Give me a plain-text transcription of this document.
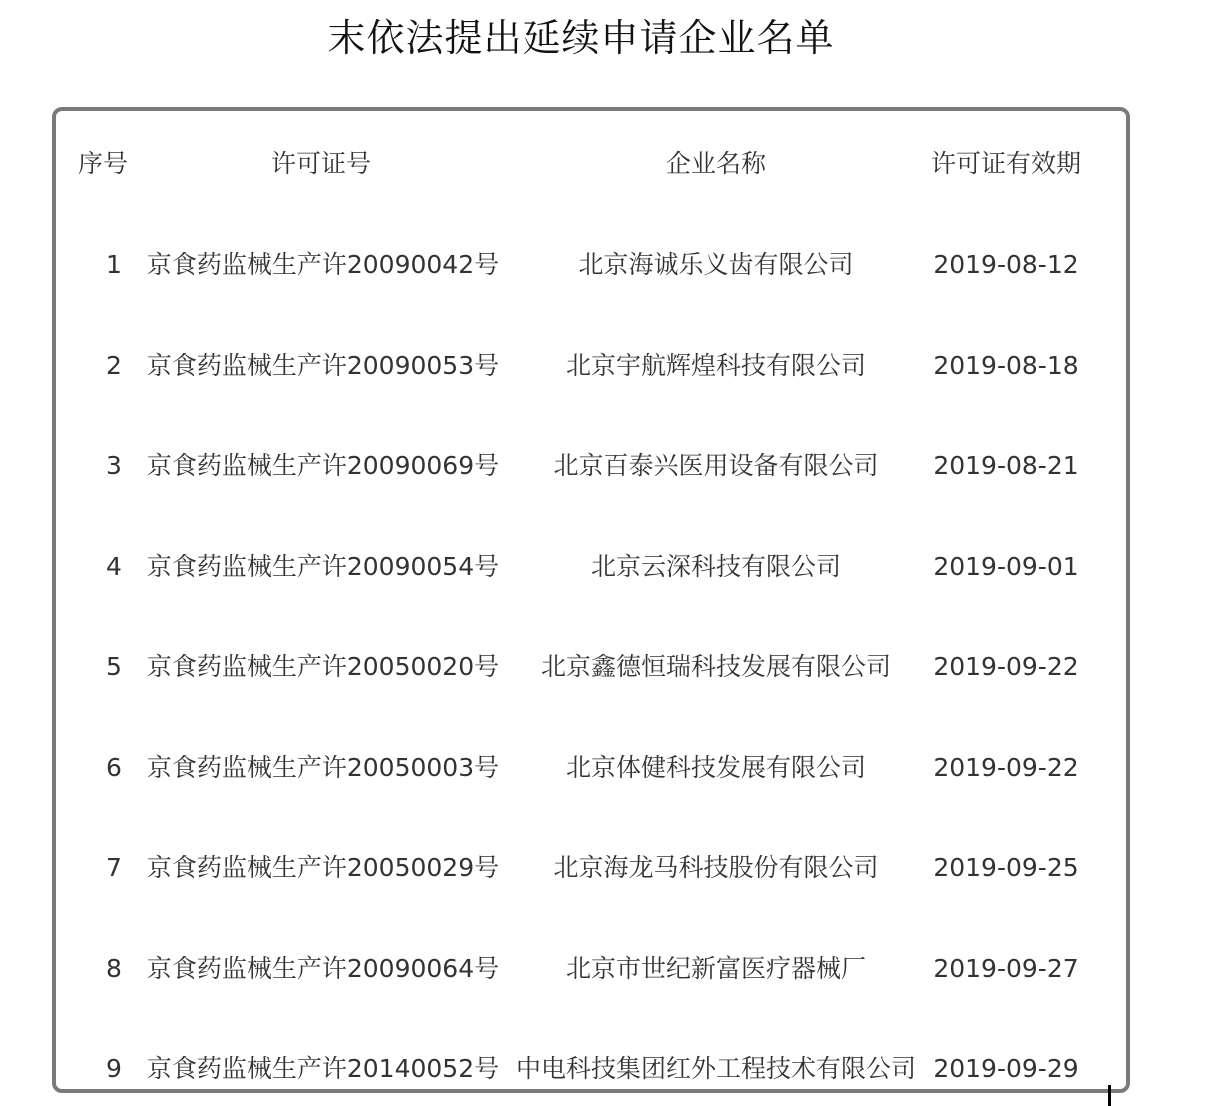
末依法提出延续申请企业名单
序号	许可证号	企业名称	许可证有效期
1 京食药监械生产许20090042号	北京海诚乐义齿有限公司	2019-08-12
2 京食药监械生产许20090053号	北京宇航辉煌科技有限公司	2019-08-18
3 京食药监械生产许20090069号	北京百泰兴医用设备有限公司	2019-08-21
4 京食药监械生产许20090054号	北京云深科技有限公司	2019-09-01
5 京食药监械生产许20050020号	北京鑫德恒瑞科技发展有限公司	2019-09-22
6 京食药监械生产许20050003号	北京体健科技发展有限公司	2019-09-22
7 京食药监械生产许20050029号	北京海龙马科技股份有限公司	2019-09-25
8 京食药监械生产许20090064号	北京市世纪新富医疗器械厂	2019-09-27
9 京食药监械生产许20140052号 中电科技集团红外工程技术有限公司 2019-09-29
